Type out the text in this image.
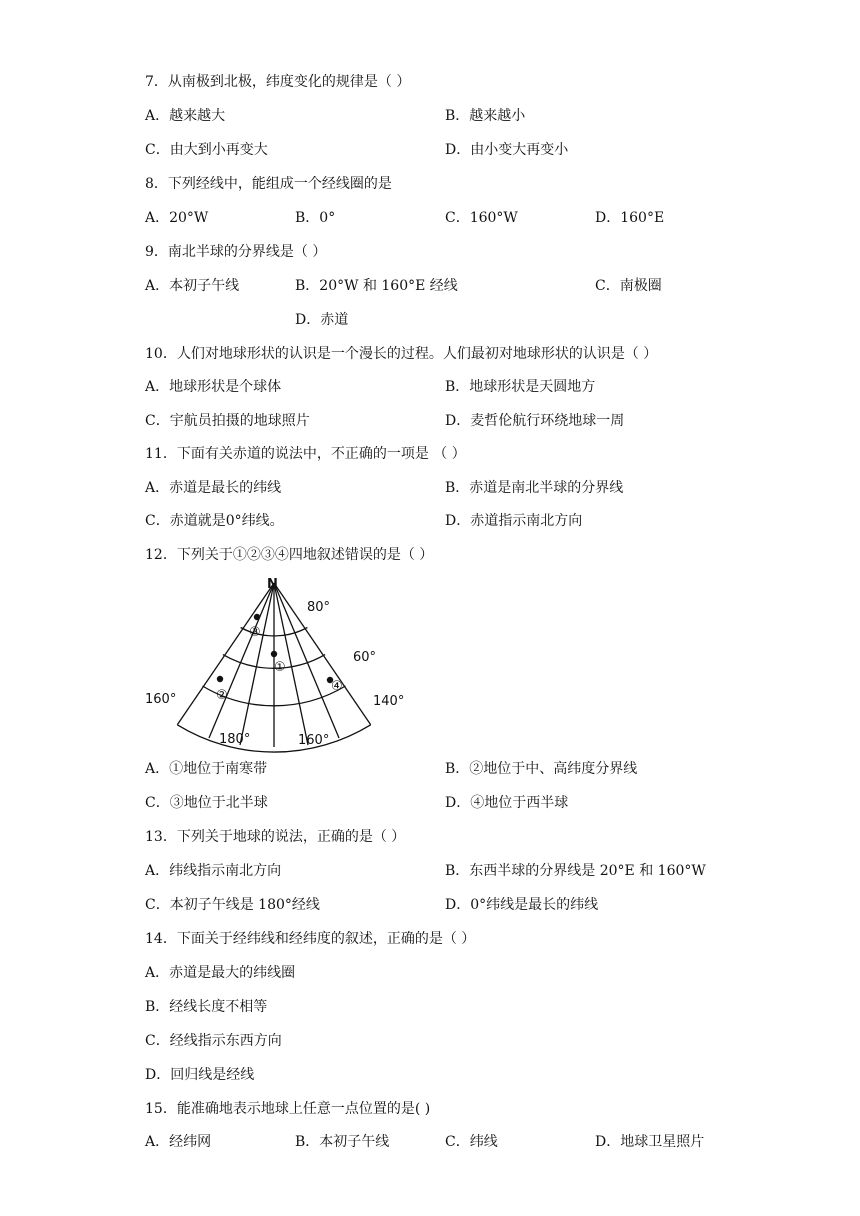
7．从南极到北极，纬度变化的规律是（ ）
A．越来越大	B．越来越小
C．由大到小再变大	D．由小变大再变小
8．下列经线中，能组成一个经线圈的是
A．20°W	B．0°	C．160°W	D．160°E
9．南北半球的分界线是（ ）
A．本初子午线	B．20°W 和 160°E 经线	C．南极圈
D．赤道
10．人们对地球形状的认识是一个漫长的过程。人们最初对地球形状的认识是（ ）
A．地球形状是个球体	B．地球形状是天圆地方
C．宇航员拍摄的地球照片	D．麦哲伦航行环绕地球一周
11．下面有关赤道的说法中，不正确的一项是 （ ）
A．赤道是最长的纬线	B．赤道是南北半球的分界线
C．赤道就是0°纬线。	D．赤道指示南北方向
12．下列关于①②③④四地叙述错误的是（ ）
N
80°
60°
160°	140°
180°	160°
①
②
③
④
A．①地位于南寒带	B．②地位于中、高纬度分界线
C．③地位于北半球	D．④地位于西半球
13．下列关于地球的说法，正确的是（ ）
A．纬线指示南北方向	B．东西半球的分界线是 20°E 和 160°W
C．本初子午线是 180°经线	D．0°纬线是最长的纬线
14．下面关于经纬线和经纬度的叙述，正确的是（ ）
A．赤道是最大的纬线圈
B．经线长度不相等
C．经线指示东西方向
D．回归线是经线
15．能准确地表示地球上任意一点位置的是( )
A．经纬网	B．本初子午线	C．纬线	D．地球卫星照片
